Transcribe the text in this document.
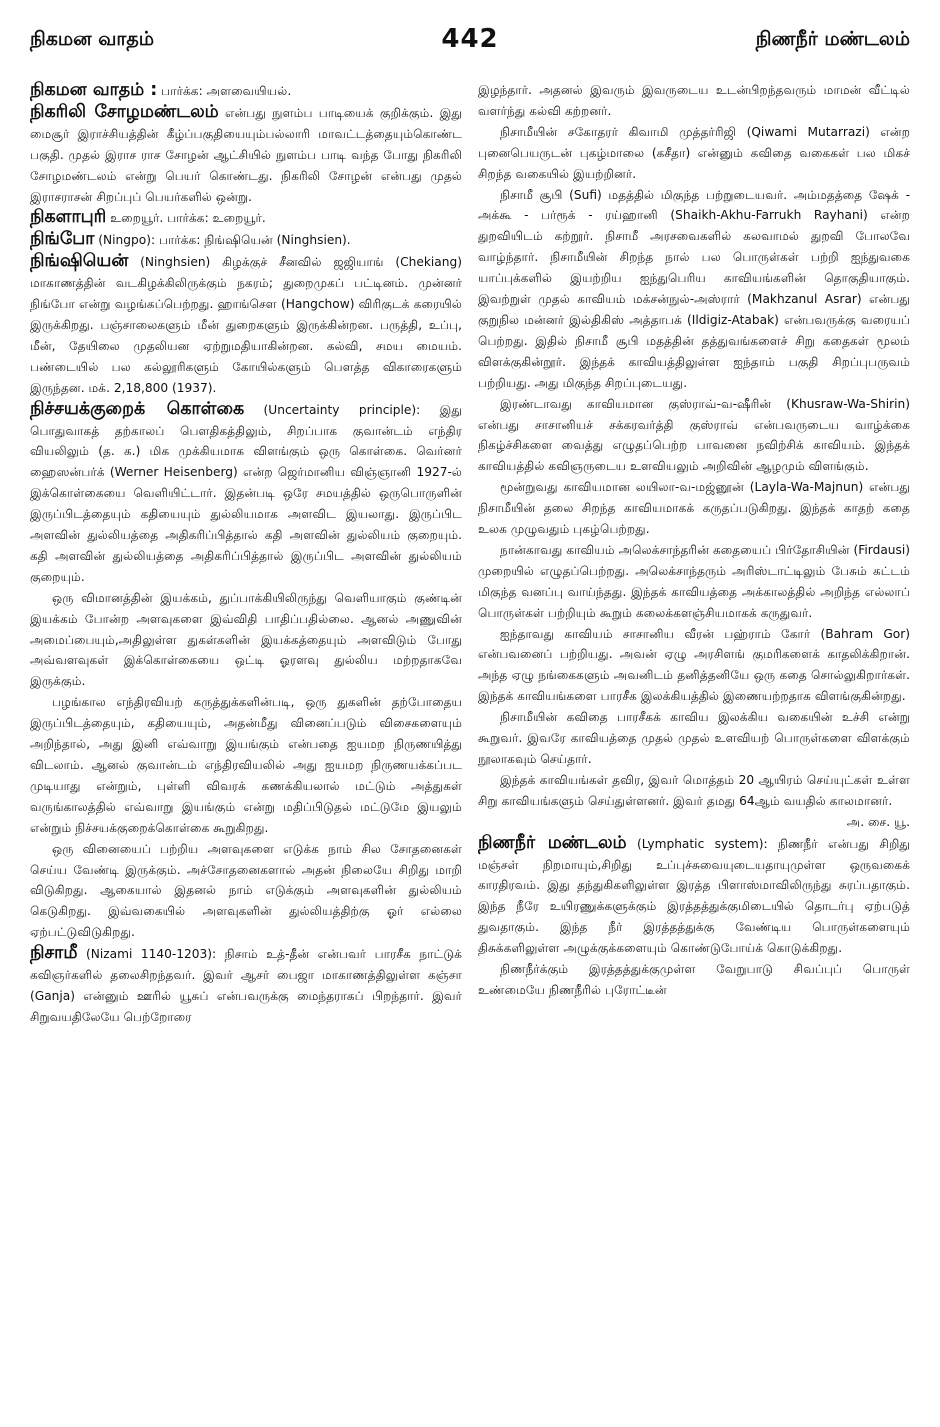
நிகமன வாதம்	442	நிணநீர் மண்டலம்

நிகமன வாதம் : பார்க்க: அளவையியல்.

நிகரிலி சோழமண்டலம் என்பது நுளம்ப பாடியைக் குறிக்கும். இது மைசூர் இராச்சியத்தின் கீழ்ப்பகுதியையும்பல்லாரி மாவட்டத்தையும்கொண்ட பகுதி. முதல் இராச ராச சோழன் ஆட்சியில் நுளம்ப பாடி வந்த போது நிகரிலி சோழமண்டலம் என்று பெயர் கொண்டது. நிகரிலி சோழன் என்பது முதல் இராசராசன் சிறப்புப் பெயர்களில் ஒன்று.

நிகளாபுரி உறையூர். பார்க்க: உறையூர்.

நிங்போ (Ningpo): பார்க்க: நிங்ஷியென் (Ninghsien).

நிங்ஷியென் (Ninghsien) கிழக்குச் சீனவில் ஜஜியாங் (Chekiang) மாகாணத்தின் வடகிழக்கிலிருக்கும் நகரம்; துறைமுகப் பட்டினம். முன்னர் நிங்போ என்று வழங்கப்பெற்றது. ஹாங்செள (Hangchow) விரிகுடக் கரையில் இருக்கிறது. பஞ்சாலைகளும் மீன் துறைகளும் இருக்கின்றன. பருத்தி, உப்பு, மீன், தேயிலை முதலியன ஏற்றுமதியாகின்றன. கல்வி, சமய மையம். பண்டையில் பல கல்லூரிகளும் கோயில்களும் பௌத்த விகாரைகளும் இருந்தன. மக். 2,18,800 (1937).

நிச்சயக்குறைக் கொள்கை (Uncertainty principle): இது பொதுவாகத் தற்காலப் பௌதிகத்திலும், சிறப்பாக குவான்டம் எந்திர வியலிலும் (த. க.) மிக முக்கியமாக விளங்கும் ஒரு கொள்கை. வெர்னர் ஹைஸன்பர்க் (Werner Heisenberg) என்ற ஜெர்மானிய விஞ்ஞானி 1927-ல் இக்கொள்கையை வெளியிட்டார். இதன்படி ஒரே சமயத்தில் ஒருபொருளின் இருப்பிடத்தையும் கதியையும் துல்லியமாக அளவிட இயலாது. இருப்பிட அளவின் துல்லியத்தை அதிகரிப்பித்தால் கதி அளவின் துல்லியம் குறையும். கதி அளவின் துல்லியத்தை அதிகரிப்பித்தால் இருப்பிட அளவின் துல்லியம் குறையும்.

ஒரு விமானத்தின் இயக்கம், துப்பாக்கியிலிருந்து வெளியாகும் குண்டின் இயக்கம் போன்ற அளவுகளை இவ்விதி பாதிப்பதில்லை. ஆனல் அணுவின் அமைப்பையும்,அதிலுள்ள துகள்களின் இயக்கத்தையும் அளவிடும் போது அவ்வளவுகள் இக்கொள்கையை ஒட்டி ஓரளவு துல்லிய மற்றதாகவே இருக்கும்.

பழங்கால எந்திரவியற் கருத்துக்களின்படி, ஒரு துகளின் தற்போதைய இருப்பிடத்தையும், கதியையும், அதன்மீது வினைப்படும் விசைகளையும் அறிந்தால், அது இனி எவ்வாறு இயங்கும் என்பதை ஐயமற நிருணயித்து விடலாம். ஆனல் குவான்டம் எந்திரவியலில் அது ஐயமற நிருணயக்கப்பட முடியாது என்றும், புள்ளி விவரக் கணக்கியலால் மட்டும் அத்துகள் வருங்காலத்தில் எவ்வாறு இயங்கும் என்று மதிப்பிடுதல் மட்டுமே இயலும் என்றும் நிச்சயக்குறைக்கொள்கை கூறுகிறது.

ஒரு வினையைப் பற்றிய அளவுகளை எடுக்க நாம் சில சோதனைகள் செய்ய வேண்டி இருக்கும். அச்சோதனைகளால் அதன் நிலையே சிறிது மாறி விடுகிறது. ஆகையால் இதனல் நாம் எடுக்கும் அளவுகளின் துல்லியம் கெடுகிறது. இவ்வகையில் அளவுகளின் துல்லியத்திற்கு ஓர் எல்லை ஏற்பட்டுவிடுகிறது.

நிசாமீ (Nizami 1140-1203): நிசாம் உத்-தீன் என்பவர் பாரசீக நாட்டுக் கவிஞர்களில் தலைசிறந்தவர். இவர் ஆசர் பைஜா மாகாணத்திலுள்ள கஞ்சா (Ganja) என்னும் ஊரில் யூசுப் என்பவருக்கு மைந்தராகப் பிறந்தார். இவர் சிறுவயதிலேயே பெற்றோரை

இழந்தார். அதனல் இவரும் இவருடைய உடன்பிறந்தவரும் மாமன் வீட்டில் வளர்ந்து கல்வி கற்றனர்.

நிசாமீயின் சகோதரர் கிவாமி முத்தர்ரிஜி (Qiwami Mutarrazi) என்ற புனைபெயருடன் புகழ்மாலை (கசீதா) என்னும் கவிதை வகைகள் பல மிகச் சிறந்த வகையில் இயற்றினர்.

நிசாமீ சூபி (Sufi) மதத்தில் மிகுந்த பற்றுடையவர். அம்மதத்தை ஷேக் - அக்கூ - பர்ரூக் - ரய்ஹானி (Shaikh-Akhu-Farrukh Rayhani) என்ற துறவியிடம் கற்றூர். நிசாமீ அரசவைகளில் கலவாமல் துறவி போலவே வாழ்ந்தார். நிசாமீயின் சிறந்த நால் பல பொருள்கள் பற்றி ஐந்துவகை யாப்புக்களில் இயற்றிய ஐந்துபெரிய காவியங்களின் தொகுதியாகும். இவற்றுள் முதல் காவியம் மக்சன்நுல்-அஸ்ரார் (Makhzanul Asrar) என்பது குறுநில மன்னர் இல்திகிஸ் அத்தாபக் (Ildigiz-Atabak) என்பவருக்கு வரையப் பெற்றது. இதில் நிசாமீ சூபி மதத்தின் தத்துவங்களைச் சிறு கதைகள் மூலம் விளக்குகின்றூர். இந்தக் காவியத்திலுள்ள ஐந்தாம் பகுதி சிறப்புபருவம் பற்றியது. அது மிகுந்த சிறப்புடையது.

இரண்டாவது காவியமான குஸ்ராவ்-வ-ஷீரின் (Khusraw-Wa-Shirin) என்பது சாசானியச் சக்கரவர்த்தி குஸ்ராவ் என்பவருடைய வாழ்க்கை நிகழ்ச்சிகளை வைத்து எழுதப்பெற்ற பாவனை நவிற்சிக் காவியம். இந்தக் காவியத்தில் கவிஞருடைய உளவியலும் அறிவின் ஆழமும் விளங்கும்.

மூன்றுவது காவியமான லயிலா-வ-மஜ்னூன் (Layla-Wa-Majnun) என்பது நிசாமீயின் தலை சிறந்த காவியமாகக் கருதப்படுகிறது. இந்தக் காதற் கதை உலக முழுவதும் புகழ்பெற்றது.

நான்காவது காவியம் அலெக்சாந்தரின் கதையைப் பிர்தோசியின் (Firdausi) முறையில் எழுதப்பெற்றது. அலெக்சாந்தரும் அரிஸ்டாட்டிலும் பேசும் கட்டம் மிகுந்த வனப்பு வாய்ந்தது. இந்தக் காவியத்தை அக்காலத்தில் அறிந்த எல்லாப் பொருள்கள் பற்றியும் கூறும் கலைக்களஞ்சியமாகக் கருதுவர்.

ஐந்தாவது காவியம் சாசானிய வீரன் பஹ்ராம் கோர் (Bahram Gor) என்பவனைப் பற்றியது. அவன் ஏழு அரசிளங் குமரிகளைக் காதலிக்கிறான். அந்த ஏழு நங்கைகளும் அவனிடம் தனித்தனியே ஒரு கதை சொல்லுகிறார்கள். இந்தக் காவியங்களை பாரசீக இலக்கியத்தில் இணையற்றதாக விளங்குகின்றது.

நிசாமீயின் கவிதை பாரசீகக் காவிய இலக்கிய வகையின் உச்சி என்று கூறுவர். இவரே காவியத்தை முதல் முதல் உளவியற் பொருள்களை விளக்கும் நூலாகவும் செய்தார்.

இந்தக் காவியங்கள் தவிர, இவர் மொத்தம் 20 ஆயிரம் செய்யுட்கள் உள்ள சிறு காவியங்களும் செய்துள்ளனர். இவர் தமது 64ஆம் வயதில் காலமானர்.

அ. சை. யூ.

நிணநீர் மண்டலம் (Lymphatic system): நிணநீர் என்பது சிறிது மஞ்சள் நிறமாயும்,சிறிது உப்புச்சுவையுடையதாயுமுள்ள ஒருவகைக் காரதிரவம். இது தந்துகிகளிலுள்ள இரத்த பிளாஸ்மாவிலிருந்து சுரப்பதாகும். இந்த நீரே உயிரணுக்களுக்கும் இரத்தத்துக்குமிடையில் தொடர்பு ஏற்படுத் துவதாகும். இந்த நீர் இரத்தத்துக்கு வேண்டிய பொருள்களையும் திசுக்களிலுள்ள அழுக்குக்களையும் கொண்டுபோய்க் கொடுக்கிறது.

நிணநீர்க்கும் இரத்தத்துக்குமுள்ள வேறுபாடு சிவப்புப் பொருள் உண்மையே நிணநீரில் புரோட்டீன்
